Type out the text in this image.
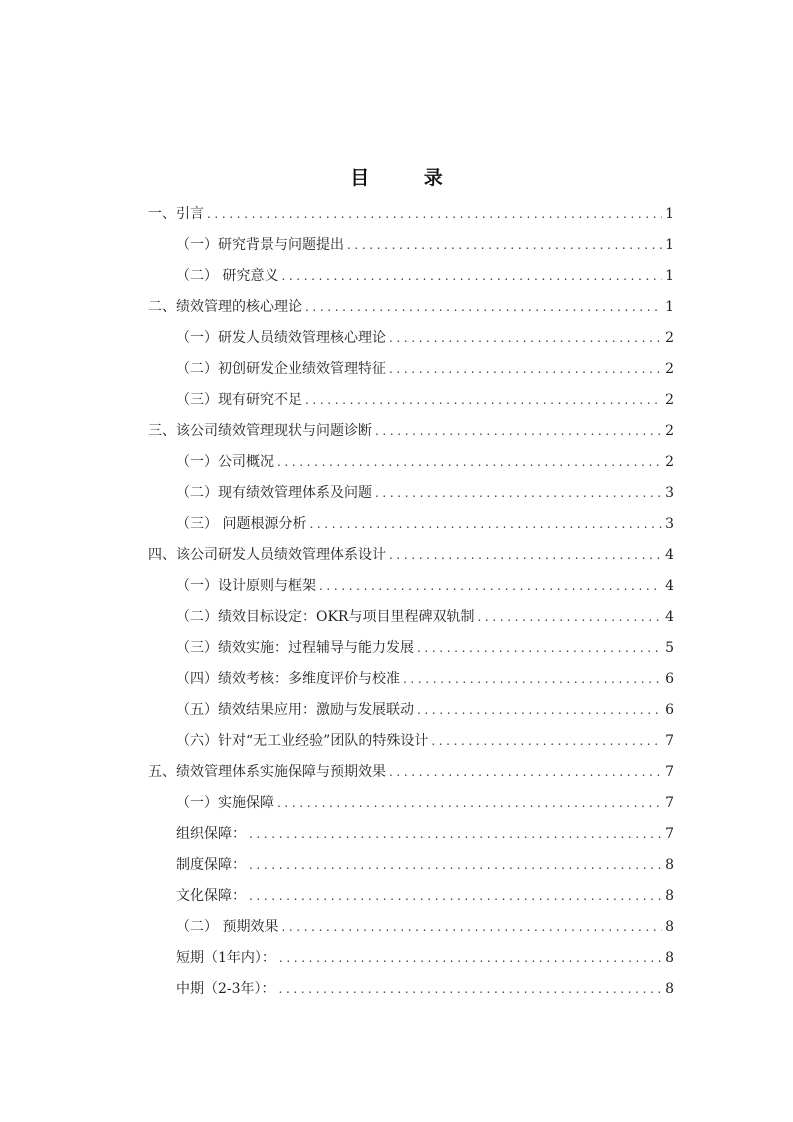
目 录
一、引言 . . .	1
（一）研究背景与问题提出 . . .	1
（二） 研究意义 . . .	1
二、绩效管理的核心理论 . . .	1
（一）研发人员绩效管理核心理论 . . .	2
（二）初创研发企业绩效管理特征 . . .	2
（三）现有研究不足 . . .	2
三、该公司绩效管理现状与问题诊断 . . .	2
（一）公司概况 . . .	2
（二）现有绩效管理体系及问题 . . .	3
（三） 问题根源分析 . . .	3
四、该公司研发人员绩效管理体系设计 . . .	4
（一）设计原则与框架 . . .	4
（二）绩效目标设定：OKR与项目里程碑双轨制 . . .	4
（三）绩效实施：过程辅导与能力发展 . . .	5
（四）绩效考核：多维度评价与校准 . . .	6
（五）绩效结果应用：激励与发展联动 . . .	6
（六）针对“无工业经验”团队的特殊设计 . . .	7
五、绩效管理体系实施保障与预期效果 . . .	7
（一）实施保障 . . .	7
组织保障： . . .	7
制度保障： . . .	8
文化保障： . . .	8
（二） 预期效果 . . .	8
短期（1年内）： . . .	8
中期（2-3年）： . . .	8
